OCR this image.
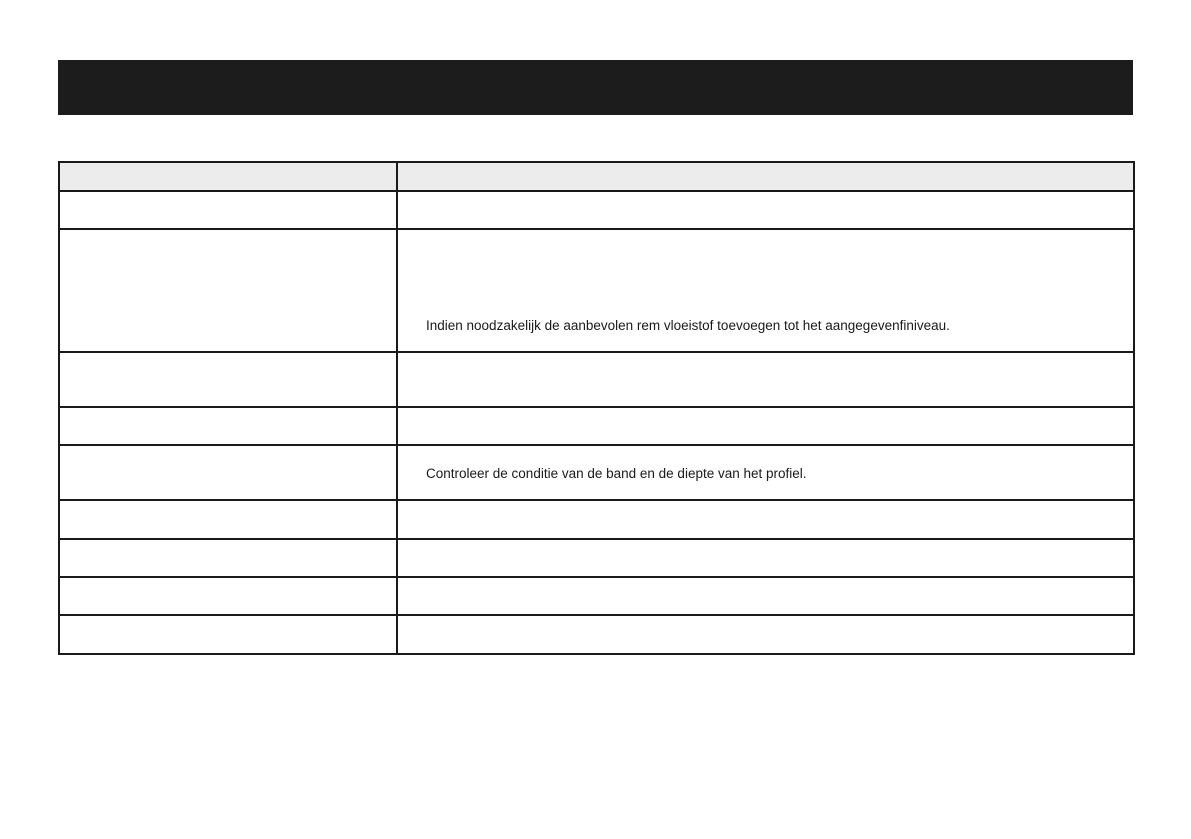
	Indien noodzakelijk de aanbevolen rem vloeistof toevoegen tot het aangegevenfiniveau.

	Controleer de conditie van de band en de diepte van het profiel.
